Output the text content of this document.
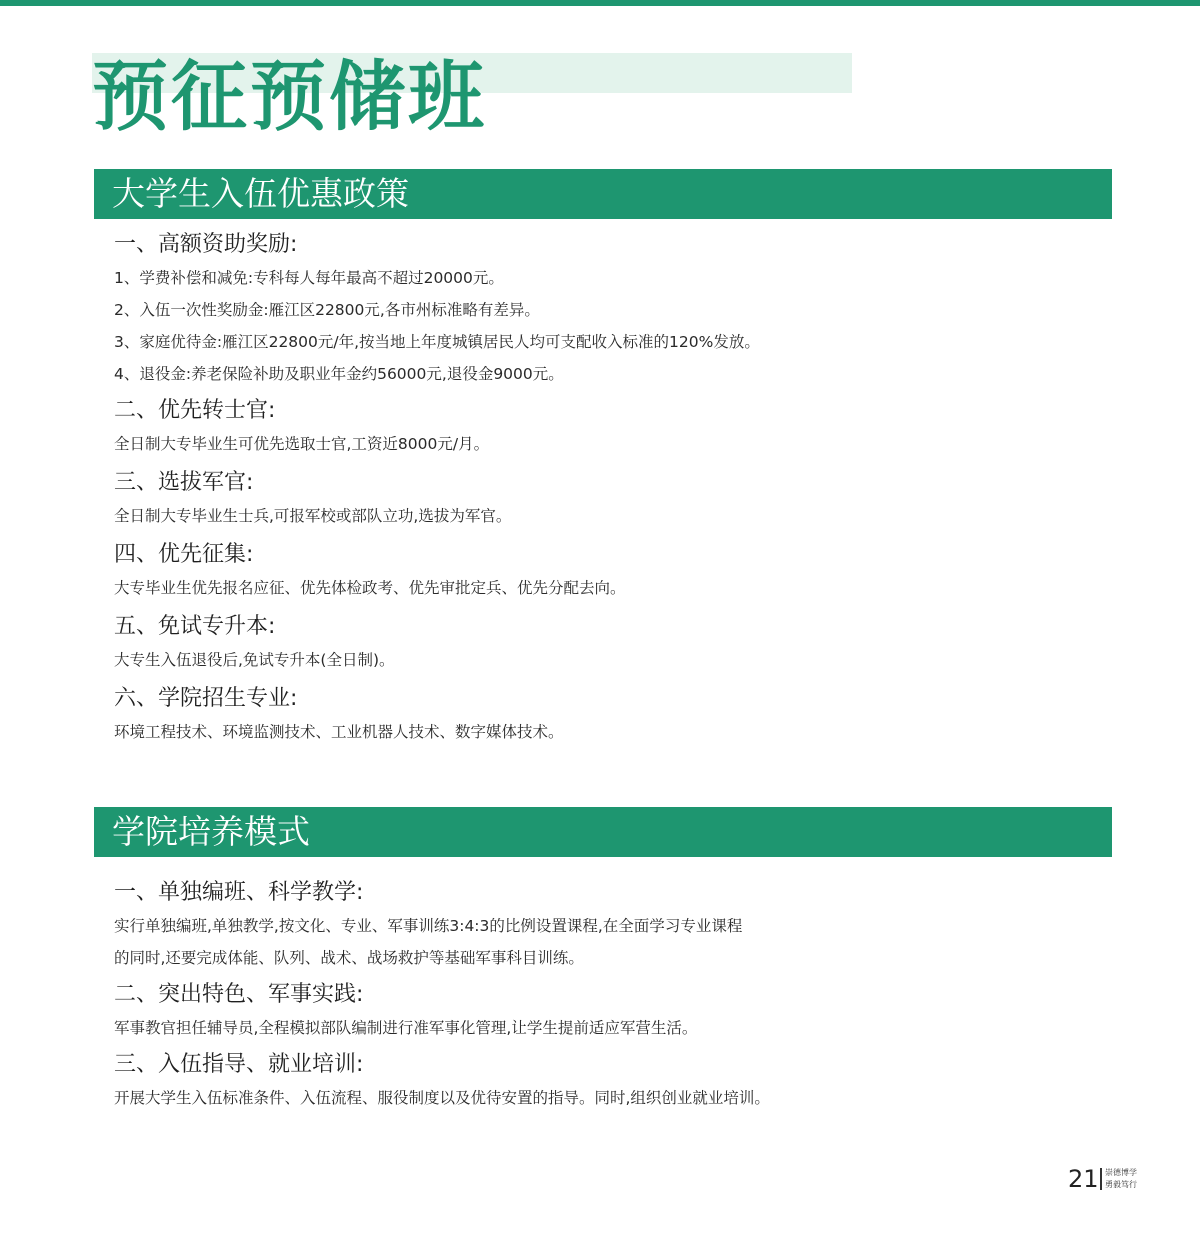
预征预储班
大学生入伍优惠政策

一、高额资助奖励:

1、学费补偿和减免:专科每人每年最高不超过20000元。

2、入伍一次性奖励金:雁江区22800元,各市州标准略有差异。

3、家庭优待金:雁江区22800元/年,按当地上年度城镇居民人均可支配收入标准的120%发放。

4、退役金:养老保险补助及职业年金约56000元,退役金9000元。

二、优先转士官:

全日制大专毕业生可优先选取士官,工资近8000元/月。

三、选拔军官:

全日制大专毕业生士兵,可报军校或部队立功,选拔为军官。

四、优先征集:

大专毕业生优先报名应征、优先体检政考、优先审批定兵、优先分配去向。

五、免试专升本:

大专生入伍退役后,免试专升本(全日制)。

六、学院招生专业:

环境工程技术、环境监测技术、工业机器人技术、数字媒体技术。

学院培养模式

一、单独编班、科学教学:

实行单独编班,单独教学,按文化、专业、军事训练3:4:3的比例设置课程,在全面学习专业课程

的同时,还要完成体能、队列、战术、战场救护等基础军事科目训练。

二、突出特色、军事实践:

军事教官担任辅导员,全程模拟部队编制进行准军事化管理,让学生提前适应军营生活。

三、入伍指导、就业培训:

开展大学生入伍标准条件、入伍流程、服役制度以及优待安置的指导。同时,组织创业就业培训。

21 崇德博学
勇毅笃行
